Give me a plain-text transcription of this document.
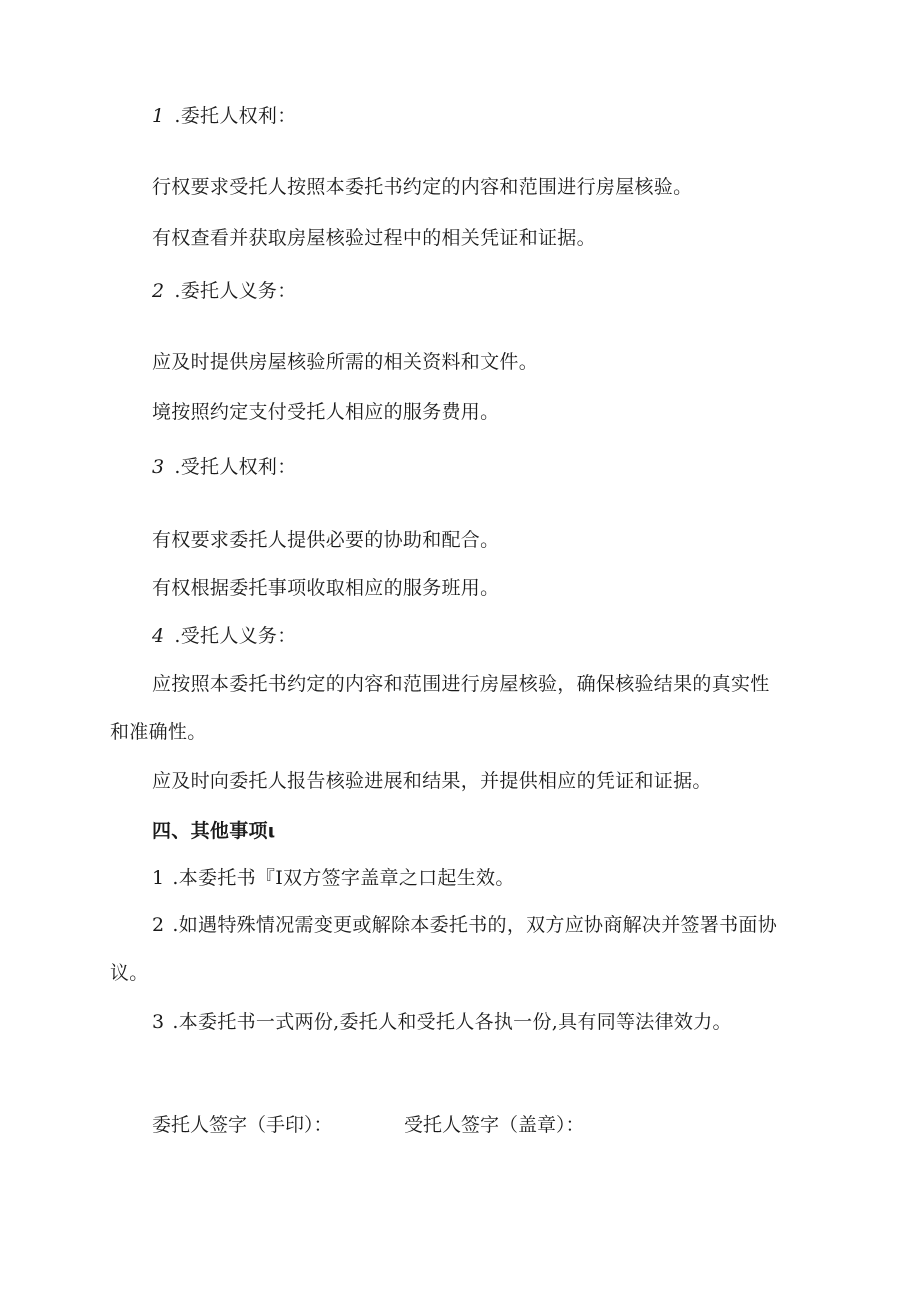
1 .委托人权利：
行权要求受托人按照本委托书约定的内容和范围进行房屋核验。
有权查看并获取房屋核验过程中的相关凭证和证据。
2 .委托人义务：
应及时提供房屋核验所需的相关资料和文件。
境按照约定支付受托人相应的服务费用。
3 .受托人权利：
有权要求委托人提供必要的协助和配合。
有权根据委托事项收取相应的服务班用。
4 .受托人义务：
应按照本委托书约定的内容和范围进行房屋核验，确保核验结果的真实性
和准确性。
应及时向委托人报告核验进展和结果，并提供相应的凭证和证据。
四、其他事项ι
1 .本委托书『I双方签字盖章之口起生效。
2 .如遇特殊情况需变更或解除本委托书的，双方应协商解决并签署书面协
议。
3 .本委托书一式两份,委托人和受托人各执一份,具有同等法律效力。
委托人签字（手印）：	受托人签字（盖章）：
